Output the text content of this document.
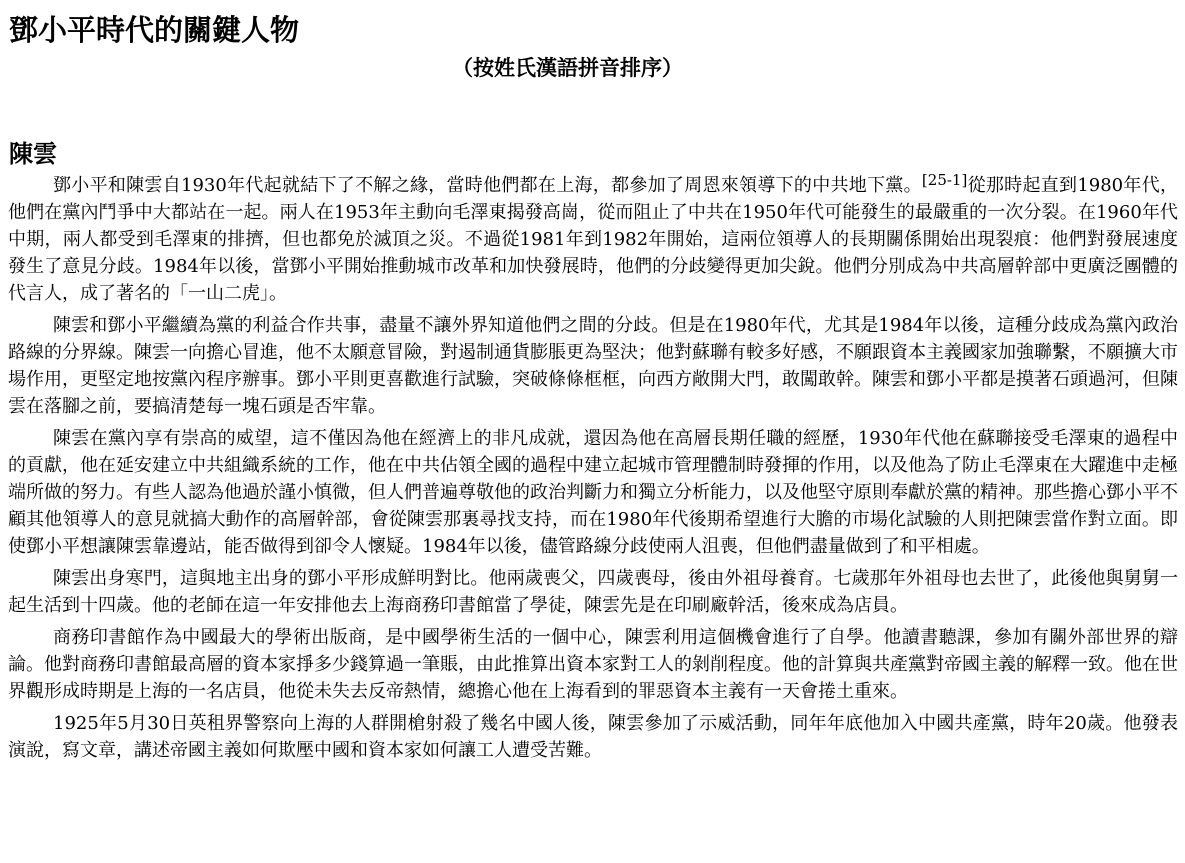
鄧小平時代的關鍵人物
（按姓氏漢語拼音排序）
陳雲

鄧小平和陳雲自1930年代起就結下了不解之緣，當時他們都在上海，都參加了周恩來領導下的中共地下黨。[25-1]從那時起直到1980年代，他們在黨內鬥爭中大都站在一起。兩人在1953年主動向毛澤東揭發高崗，從而阻止了中共在1950年代可能發生的最嚴重的一次分裂。在1960年代中期，兩人都受到毛澤東的排擠，但也都免於滅頂之災。不過從1981年到1982年開始，這兩位領導人的長期關係開始出現裂痕：他們對發展速度發生了意見分歧。1984年以後，當鄧小平開始推動城市改革和加快發展時，他們的分歧變得更加尖銳。他們分別成為中共高層幹部中更廣泛團體的代言人，成了著名的「一山二虎」。

陳雲和鄧小平繼續為黨的利益合作共事，盡量不讓外界知道他們之間的分歧。但是在1980年代，尤其是1984年以後，這種分歧成為黨內政治路線的分界線。陳雲一向擔心冒進，他不太願意冒險，對遏制通貨膨脹更為堅決；他對蘇聯有較多好感，不願跟資本主義國家加強聯繫，不願擴大市場作用，更堅定地按黨內程序辦事。鄧小平則更喜歡進行試驗，突破條條框框，向西方敞開大門，敢闖敢幹。陳雲和鄧小平都是摸著石頭過河，但陳雲在落腳之前，要搞清楚每一塊石頭是否牢靠。

陳雲在黨內享有崇高的威望，這不僅因為他在經濟上的非凡成就，還因為他在高層長期任職的經歷，1930年代他在蘇聯接受毛澤東的過程中的貢獻，他在延安建立中共組織系統的工作，他在中共佔領全國的過程中建立起城市管理體制時發揮的作用，以及他為了防止毛澤東在大躍進中走極端所做的努力。有些人認為他過於謹小慎微，但人們普遍尊敬他的政治判斷力和獨立分析能力，以及他堅守原則奉獻於黨的精神。那些擔心鄧小平不顧其他領導人的意見就搞大動作的高層幹部，會從陳雲那裏尋找支持，而在1980年代後期希望進行大膽的市場化試驗的人則把陳雲當作對立面。即使鄧小平想讓陳雲靠邊站，能否做得到卻令人懷疑。1984年以後，儘管路線分歧使兩人沮喪，但他們盡量做到了和平相處。

陳雲出身寒門，這與地主出身的鄧小平形成鮮明對比。他兩歲喪父，四歲喪母，後由外祖母養育。七歲那年外祖母也去世了，此後他與舅舅一起生活到十四歲。他的老師在這一年安排他去上海商務印書館當了學徒，陳雲先是在印刷廠幹活，後來成為店員。

商務印書館作為中國最大的學術出版商，是中國學術生活的一個中心，陳雲利用這個機會進行了自學。他讀書聽課，參加有關外部世界的辯論。他對商務印書館最高層的資本家掙多少錢算過一筆賬，由此推算出資本家對工人的剝削程度。他的計算與共產黨對帝國主義的解釋一致。他在世界觀形成時期是上海的一名店員，他從未失去反帝熱情，總擔心他在上海看到的罪惡資本主義有一天會捲土重來。

1925年5月30日英租界警察向上海的人群開槍射殺了幾名中國人後，陳雲參加了示威活動，同年年底他加入中國共產黨，時年20歲。他發表演說，寫文章，講述帝國主義如何欺壓中國和資本家如何讓工人遭受苦難。
